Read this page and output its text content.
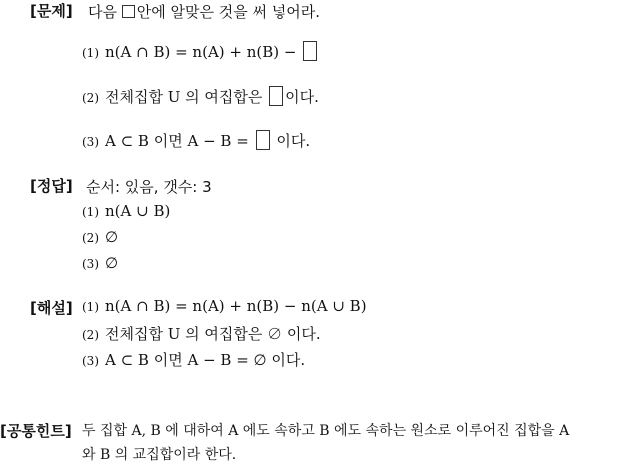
[문제] 다음 안에 알맞은 것을 써 넣어라.
(1) n(A ∩ B) = n(A) + n(B) −
(2) 전체집합 U 의 여집합은 이다.
(3) A ⊂ B 이면 A − B = 이다.
[정답] 순서: 있음, 갯수: 3
(1) n(A ∪ B)
(2) ∅
(3) ∅
[해설] (1) n(A ∩ B) = n(A) + n(B) − n(A ∪ B)
(2) 전체집합 U 의 여집합은 ∅ 이다.
(3) A ⊂ B 이면 A − B = ∅ 이다.
[공통힌트] 두 집합 A, B 에 대하여 A 에도 속하고 B 에도 속하는 원소로 이루어진 집합을 A
와 B 의 교집합이라 한다.
